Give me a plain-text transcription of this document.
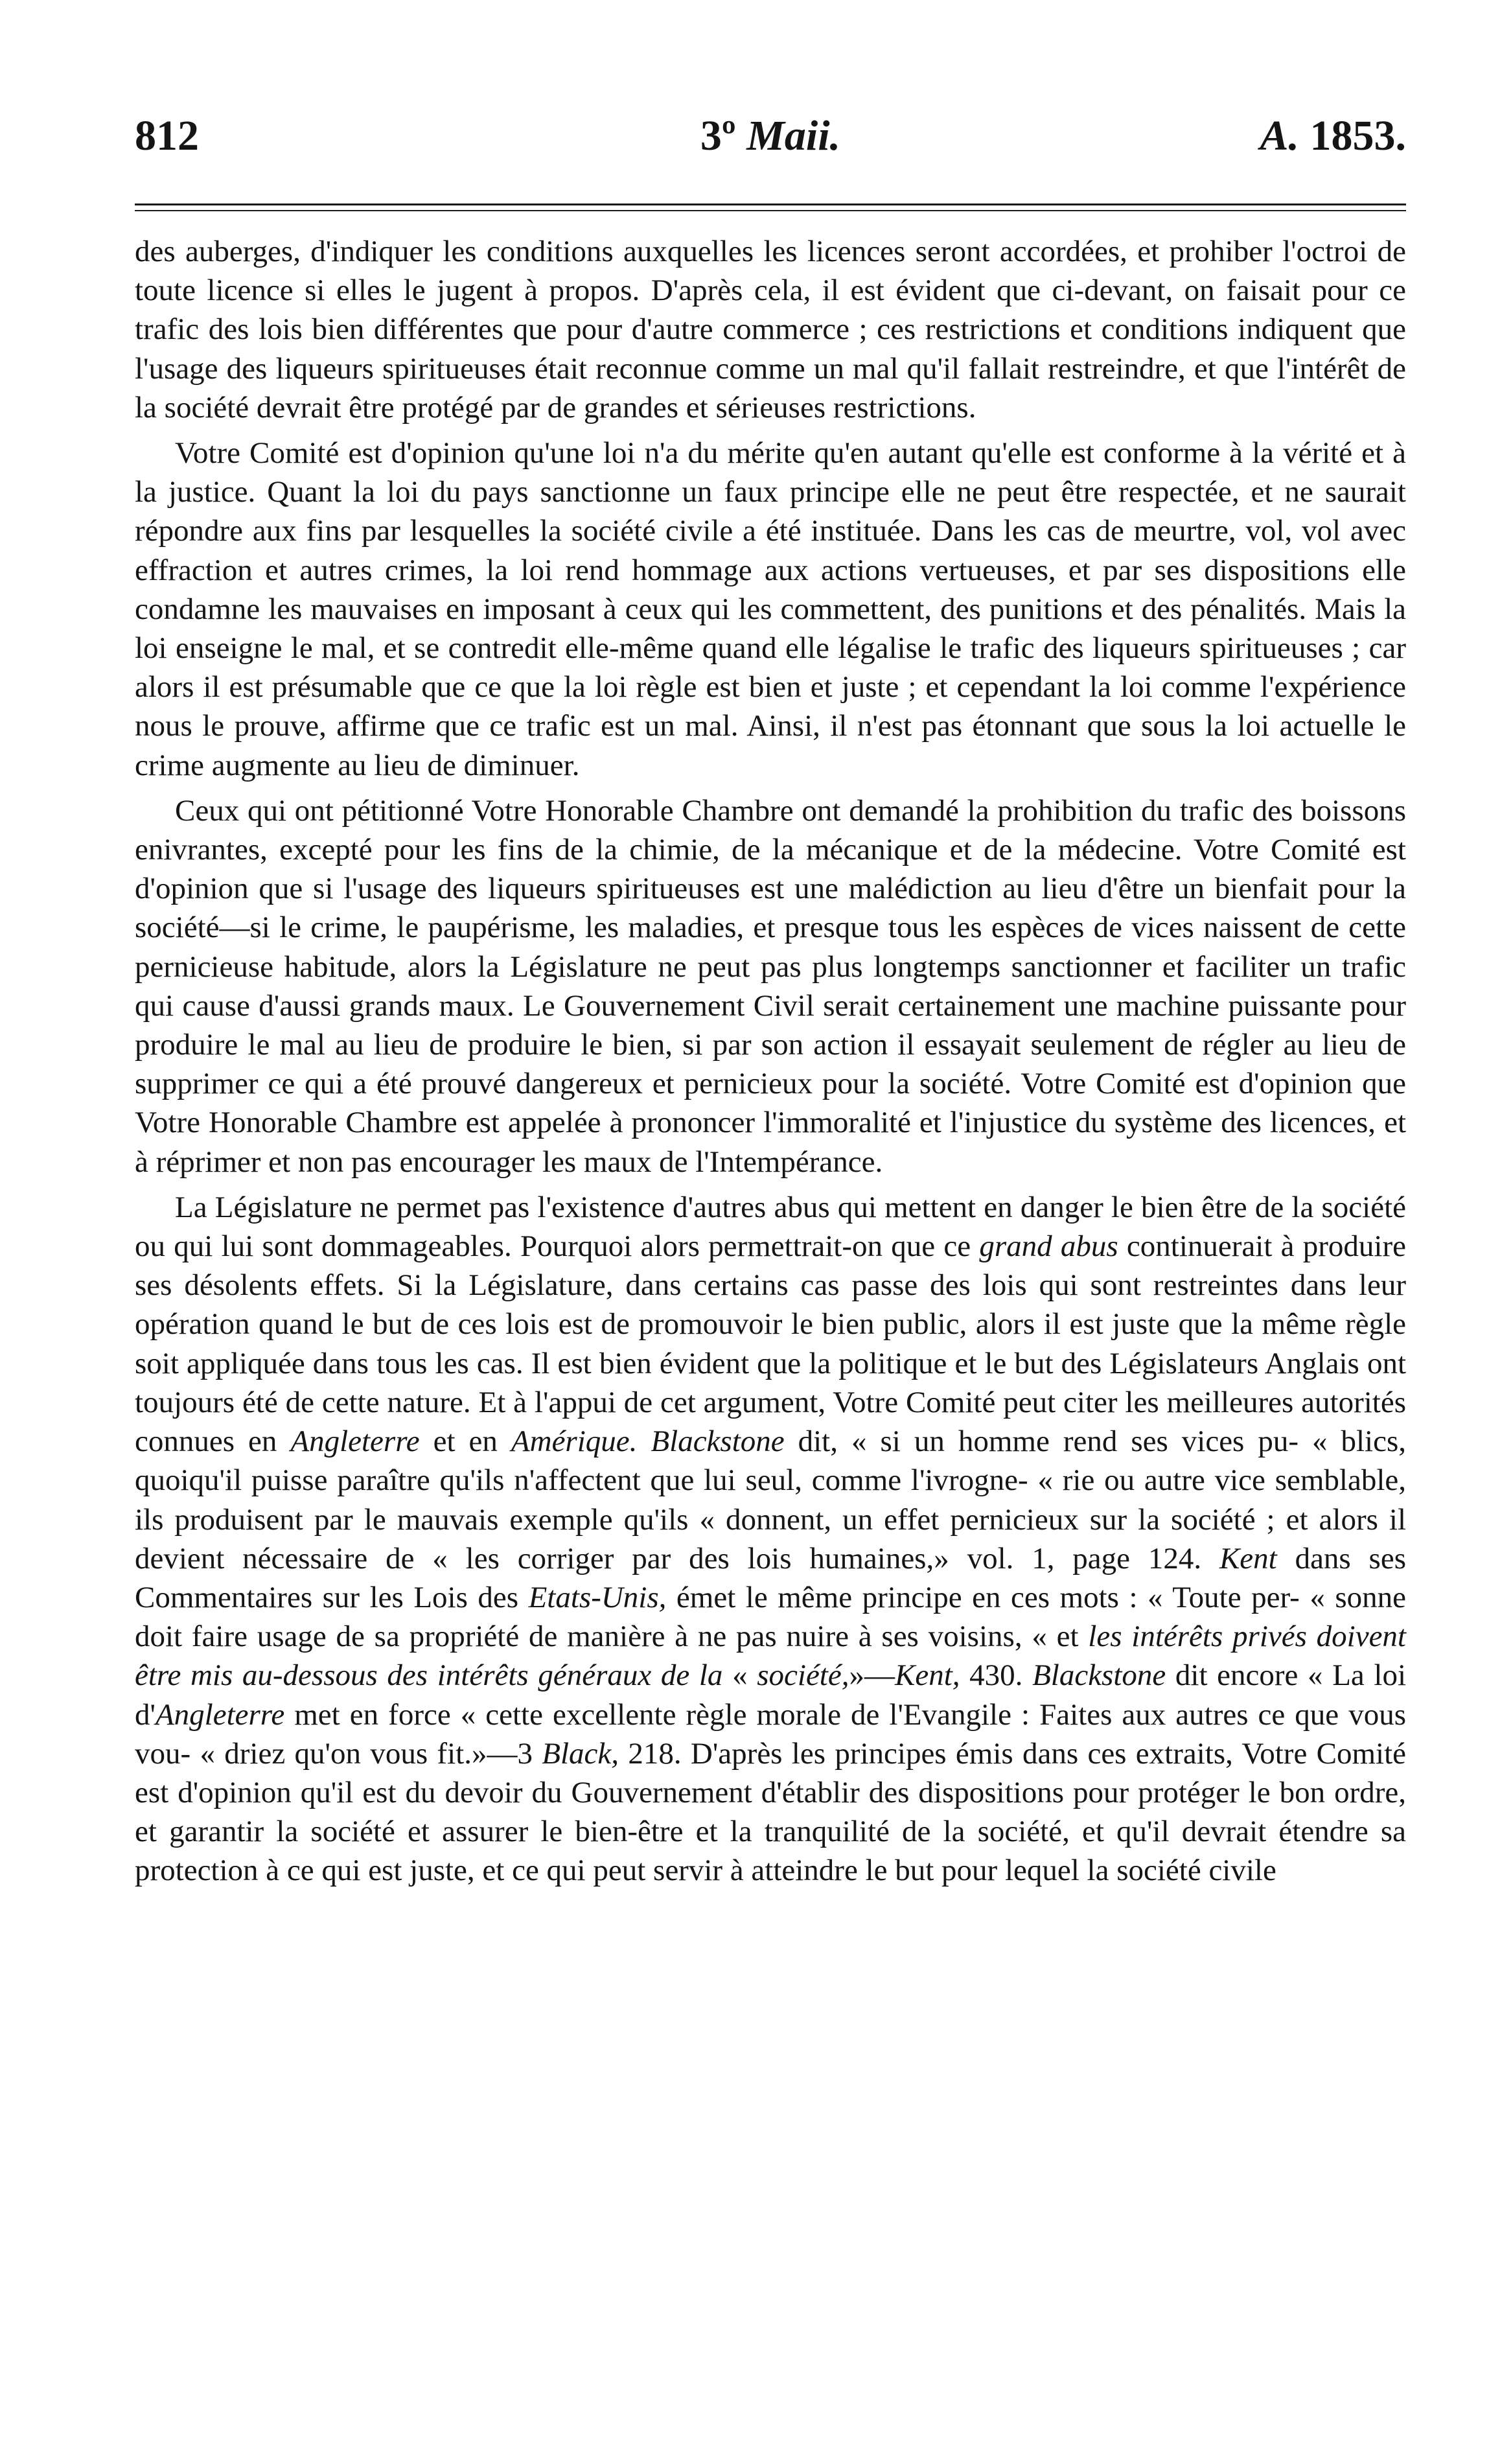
812	3º Maii.	A. 1853.

des auberges, d'indiquer les conditions auxquelles les licences seront accordées, et prohiber l'octroi de toute licence si elles le jugent à propos. D'après cela, il est évident que ci-devant, on faisait pour ce trafic des lois bien différentes que pour d'autre commerce ; ces restrictions et conditions indiquent que l'usage des liqueurs spiritueuses était reconnue comme un mal qu'il fallait restreindre, et que l'intérêt de la société devrait être protégé par de grandes et sérieuses restrictions.

Votre Comité est d'opinion qu'une loi n'a du mérite qu'en autant qu'elle est conforme à la vérité et à la justice. Quant la loi du pays sanctionne un faux principe elle ne peut être respectée, et ne saurait répondre aux fins par lesquelles la société civile a été instituée. Dans les cas de meurtre, vol, vol avec effraction et autres crimes, la loi rend hommage aux actions vertueuses, et par ses dispositions elle condamne les mauvaises en imposant à ceux qui les commettent, des punitions et des pénalités. Mais la loi enseigne le mal, et se contredit elle-même quand elle légalise le trafic des liqueurs spiritueuses ; car alors il est présumable que ce que la loi règle est bien et juste ; et cependant la loi comme l'expérience nous le prouve, affirme que ce trafic est un mal. Ainsi, il n'est pas étonnant que sous la loi actuelle le crime augmente au lieu de diminuer.

Ceux qui ont pétitionné Votre Honorable Chambre ont demandé la prohibition du trafic des boissons enivrantes, excepté pour les fins de la chimie, de la mécanique et de la médecine. Votre Comité est d'opinion que si l'usage des liqueurs spiritueuses est une malédiction au lieu d'être un bienfait pour la société—si le crime, le paupérisme, les maladies, et presque tous les espèces de vices naissent de cette pernicieuse habitude, alors la Législature ne peut pas plus longtemps sanctionner et faciliter un trafic qui cause d'aussi grands maux. Le Gouvernement Civil serait certainement une machine puissante pour produire le mal au lieu de produire le bien, si par son action il essayait seulement de régler au lieu de supprimer ce qui a été prouvé dangereux et pernicieux pour la société. Votre Comité est d'opinion que Votre Honorable Chambre est appelée à prononcer l'immoralité et l'injustice du système des licences, et à réprimer et non pas encourager les maux de l'Intempérance.

La Législature ne permet pas l'existence d'autres abus qui mettent en danger le bien être de la société ou qui lui sont dommageables. Pourquoi alors permettrait-on que ce grand abus continuerait à produire ses désolents effets. Si la Législature, dans certains cas passe des lois qui sont restreintes dans leur opération quand le but de ces lois est de promouvoir le bien public, alors il est juste que la même règle soit appliquée dans tous les cas. Il est bien évident que la politique et le but des Législateurs Anglais ont toujours été de cette nature. Et à l'appui de cet argument, Votre Comité peut citer les meilleures autorités connues en Angleterre et en Amérique. Blackstone dit, « si un homme rend ses vices pu- « blics, quoiqu'il puisse paraître qu'ils n'affectent que lui seul, comme l'ivrogne- « rie ou autre vice semblable, ils produisent par le mauvais exemple qu'ils « donnent, un effet pernicieux sur la société ; et alors il devient nécessaire de « les corriger par des lois humaines,» vol. 1, page 124. Kent dans ses Commentaires sur les Lois des Etats-Unis, émet le même principe en ces mots : « Toute per- « sonne doit faire usage de sa propriété de manière à ne pas nuire à ses voisins, « et les intérêts privés doivent être mis au-dessous des intérêts généraux de la « société,»—Kent, 430. Blackstone dit encore « La loi d'Angleterre met en force « cette excellente règle morale de l'Evangile : Faites aux autres ce que vous vou- « driez qu'on vous fit.»—3 Black, 218. D'après les principes émis dans ces extraits, Votre Comité est d'opinion qu'il est du devoir du Gouvernement d'établir des dispositions pour protéger le bon ordre, et garantir la société et assurer le bien-être et la tranquilité de la société, et qu'il devrait étendre sa protection à ce qui est juste, et ce qui peut servir à atteindre le but pour lequel la société civile
